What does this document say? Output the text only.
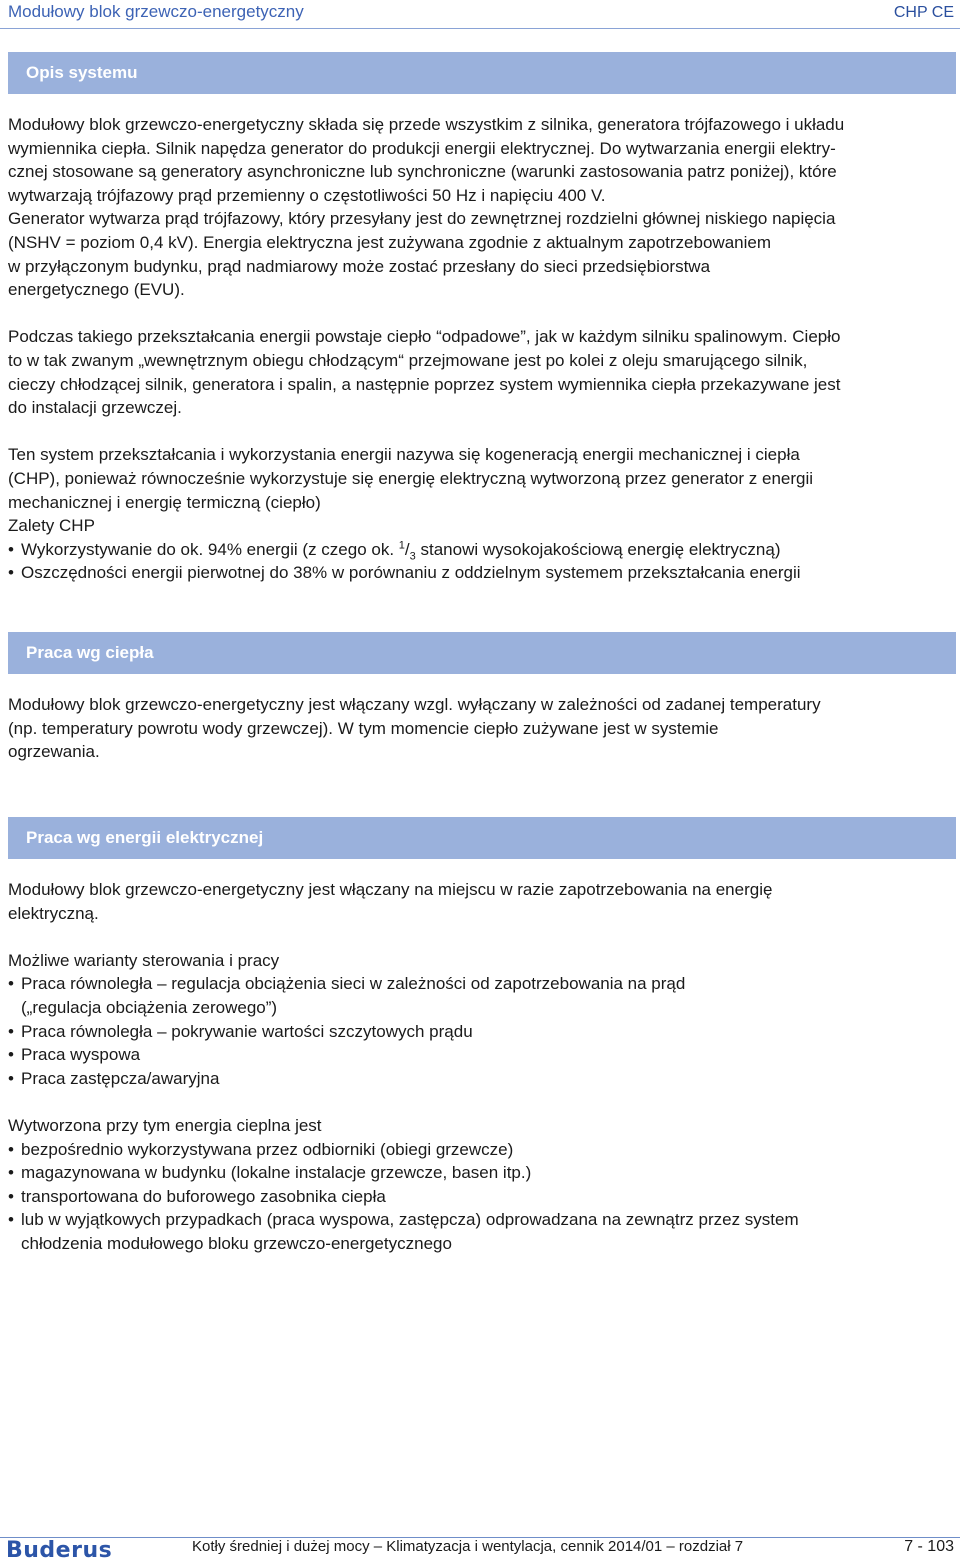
Modułowy blok grzewczo-energetyczny	CHP CE
Opis systemu

Modułowy blok grzewczo-energetyczny składa się przede wszystkim z silnika, generatora trójfazowego i układu

wymiennika ciepła. Silnik napędza generator do produkcji energii elektrycznej. Do wytwarzania energii elektry-

cznej stosowane są generatory asynchroniczne lub synchroniczne (warunki zastosowania patrz poniżej), które

wytwarzają trójfazowy prąd przemienny o częstotliwości 50 Hz i napięciu 400 V.

Generator wytwarza prąd trójfazowy, który przesyłany jest do zewnętrznej rozdzielni głównej niskiego napięcia

(NSHV = poziom 0,4 kV). Energia elektryczna jest zużywana zgodnie z aktualnym zapotrzebowaniem

w przyłączonym budynku, prąd nadmiarowy może zostać przesłany do sieci przedsiębiorstwa

energetycznego (EVU).

Podczas takiego przekształcania energii powstaje ciepło “odpadowe”, jak w każdym silniku spalinowym. Ciepło

to w tak zwanym „wewnętrznym obiegu chłodzącym“ przejmowane jest po kolei z oleju smarującego silnik,

cieczy chłodzącej silnik, generatora i spalin, a następnie poprzez system wymiennika ciepła przekazywane jest

do instalacji grzewczej.

Ten system przekształcania i wykorzystania energii nazywa się kogeneracją energii mechanicznej i ciepła

(CHP), ponieważ równocześnie wykorzystuje się energię elektryczną wytworzoną przez generator z energii

mechanicznej i energię termiczną (ciepło)

Zalety CHP

• Wykorzystywanie do ok. 94% energii (z czego ok. $^1/_3$ stanowi wysokojakościową energię elektryczną)

• Oszczędności energii pierwotnej do 38% w porównaniu z oddzielnym systemem przekształcania energii

Praca wg ciepła

Modułowy blok grzewczo-energetyczny jest włączany wzgl. wyłączany w zależności od zadanej temperatury

(np. temperatury powrotu wody grzewczej). W tym momencie ciepło zużywane jest w systemie

ogrzewania.

Praca wg energii elektrycznej

Modułowy blok grzewczo-energetyczny jest włączany na miejscu w razie zapotrzebowania na energię

elektryczną.

Możliwe warianty sterowania i pracy

• Praca równoległa – regulacja obciążenia sieci w zależności od zapotrzebowania na prąd

(„regulacja obciążenia zerowego”)

• Praca równoległa – pokrywanie wartości szczytowych prądu

• Praca wyspowa

• Praca zastępcza/awaryjna

Wytworzona przy tym energia cieplna jest

• bezpośrednio wykorzystywana przez odbiorniki (obiegi grzewcze)

• magazynowana w budynku (lokalne instalacje grzewcze, basen itp.)

• transportowana do buforowego zasobnika ciepła

• lub w wyjątkowych przypadkach (praca wyspowa, zastępcza) odprowadzana na zewnątrz przez system

chłodzenia modułowego bloku grzewczo-energetycznego

Buderus	Kotły średniej i dużej mocy – Klimatyzacja i wentylacja, cennik 2014/01 – rozdział 7	7 - 103
